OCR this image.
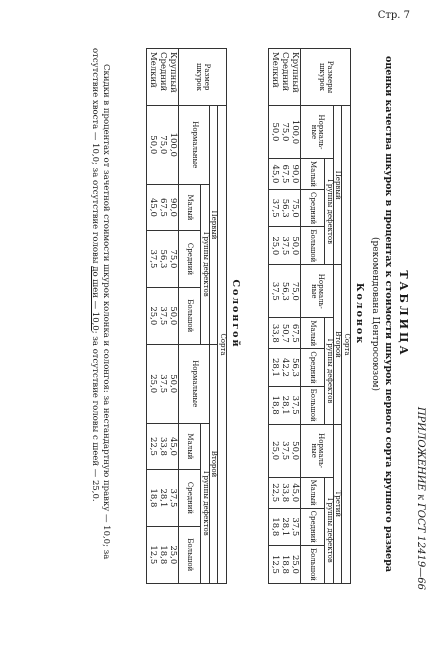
Стр. 7
ПРИЛОЖЕНИЕ к ГОСТ 12419—66
ТАБЛИЦА
оценки качества шкурок в процентах к стоимости шкурок первого сорта крупного размера
(рекомендована Центросоюзом)
Колонок
Размеры шкурок	Сорта											
	Первый				Второй				Третий			
	Нормаль-ные	Группы дефектов			Нормаль-ные	Группы дефектов			Нормаль-ные	Группы дефектов		
		Малый	Средний	Большой		Малый	Средний	Большой		Малый	Средний	Большой
Крупный	100,0	90,0	75,0	50,0	75,0	67,5	56,3	37,5	50,0	45,0	37,5	25,0
Средний	75,0	67,5	56,3	37,5	56,3	50,7	42,2	28,1	37,5	33,8	28,1	18,8
Мелкий	50,0	45,0	37,5	25,0	37,5	33,8	28,1	18,8	25,0	22,5	18,8	12,5
Солонгой
Размер шкурок	Сорта							
	Первый				Второй			
	Нормальные	Группы дефектов			Нормальные	Группы дефектов		
		Малый	Средний	Большой		Малый	Средний	Большой
Крупный	100,0	90,0	75,0	50,0	50,0	45,0	37,5	25,0
Средний	75,0	67,5	56,3	37,5	37,5	33,8	28,1	18,8
Мелкий	50,0	45,0	37,5	25,0	25,0	22,5	18,8	12,5

Скидки в процентах от зачетной стоимости шкурок колонка и солонгоя: за нестандартную правку — 10,0; за отсутствие хвоста — 10,0; за отсутствие головы до шеи — 10,0; за отсутствие головы с шеей — 25,0.
